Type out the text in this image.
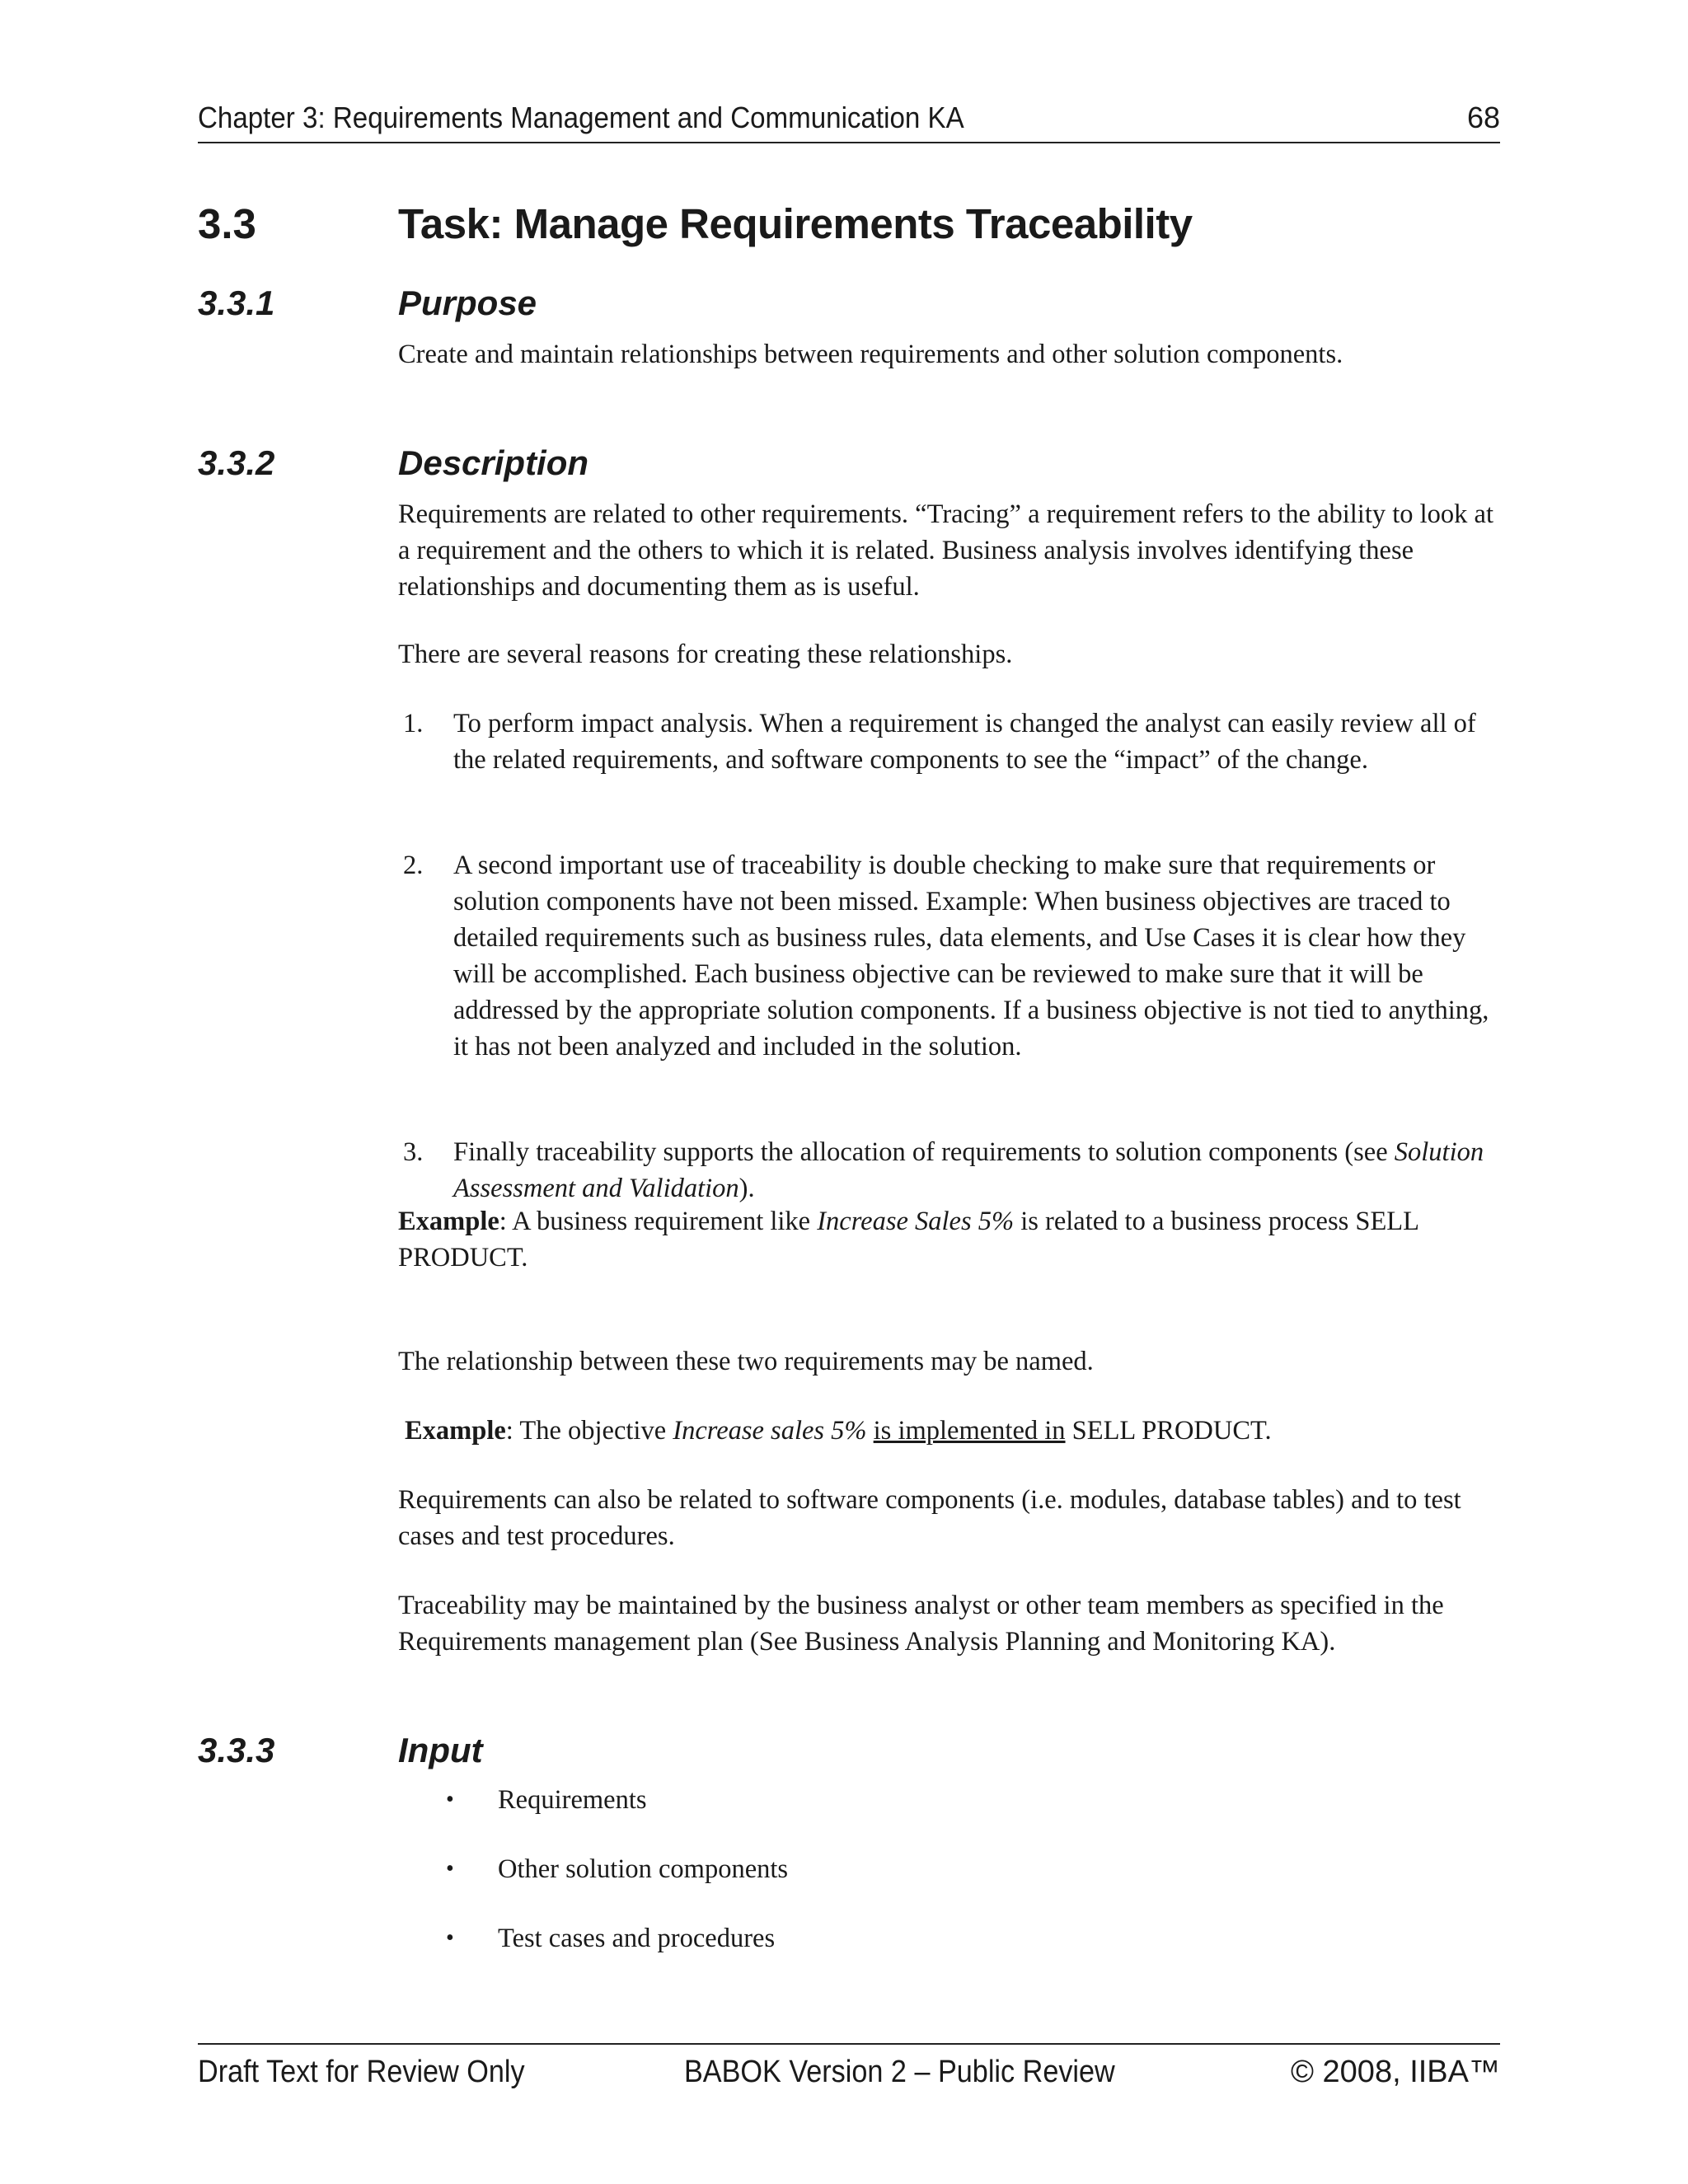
Chapter 3: Requirements Management and Communication KA	68
3.3	Task: Manage Requirements Traceability
3.3.1	Purpose

Create and maintain relationships between requirements and other solution components.

3.3.2	Description

Requirements are related to other requirements. “Tracing” a requirement refers to the ability to look at a requirement and the others to which it is related. Business analysis involves identifying these relationships and documenting them as is useful.

There are several reasons for creating these relationships.

1. To perform impact analysis. When a requirement is changed the analyst can easily review all of the related requirements, and software components to see the “impact” of the change.
2. A second important use of traceability is double checking to make sure that requirements or solution components have not been missed. Example: When business objectives are traced to detailed requirements such as business rules, data elements, and Use Cases it is clear how they will be accomplished. Each business objective can be reviewed to make sure that it will be addressed by the appropriate solution components. If a business objective is not tied to anything, it has not been analyzed and included in the solution.
3. Finally traceability supports the allocation of requirements to solution components (see Solution Assessment and Validation).

Example: A business requirement like Increase Sales 5% is related to a business process SELL PRODUCT.

The relationship between these two requirements may be named.

Example: The objective Increase sales 5% is implemented in SELL PRODUCT.

Requirements can also be related to software components (i.e. modules, database tables) and to test cases and test procedures.

Traceability may be maintained by the business analyst or other team members as specified in the Requirements management plan (See Business Analysis Planning and Monitoring KA).

3.3.3	Input
• Requirements
• Other solution components
• Test cases and procedures
Draft Text for Review Only	BABOK Version 2 – Public Review	© 2008, IIBA™
